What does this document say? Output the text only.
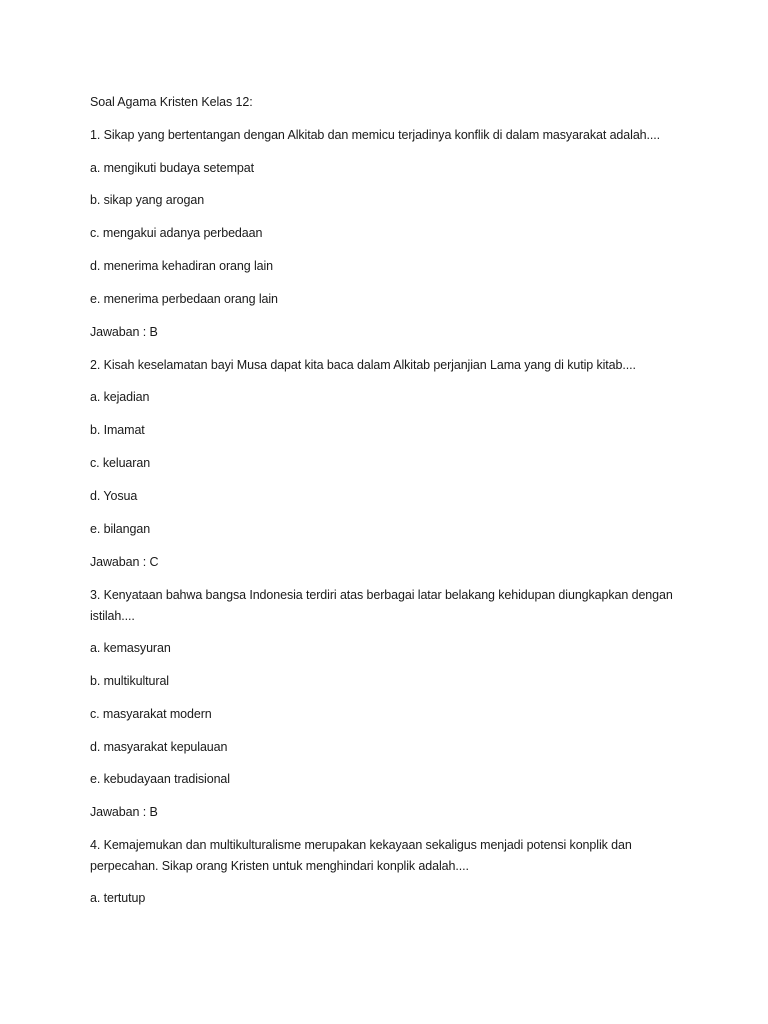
Soal Agama Kristen Kelas 12:
1. Sikap yang bertentangan dengan Alkitab dan memicu terjadinya konflik di dalam masyarakat adalah....
a. mengikuti budaya setempat
b. sikap yang arogan
c. mengakui adanya perbedaan
d. menerima kehadiran orang lain
e. menerima perbedaan orang lain
Jawaban : B
2. Kisah keselamatan bayi Musa dapat kita baca dalam Alkitab perjanjian Lama yang di kutip kitab....
a. kejadian
b. Imamat
c. keluaran
d. Yosua
e. bilangan
Jawaban : C
3. Kenyataan bahwa bangsa Indonesia terdiri atas berbagai latar belakang kehidupan diungkapkan dengan istilah....
a. kemasyuran
b. multikultural
c. masyarakat modern
d. masyarakat kepulauan
e. kebudayaan tradisional
Jawaban : B
4. Kemajemukan dan multikulturalisme merupakan kekayaan sekaligus menjadi potensi konplik dan perpecahan. Sikap orang Kristen untuk menghindari konplik adalah....
a. tertutup
